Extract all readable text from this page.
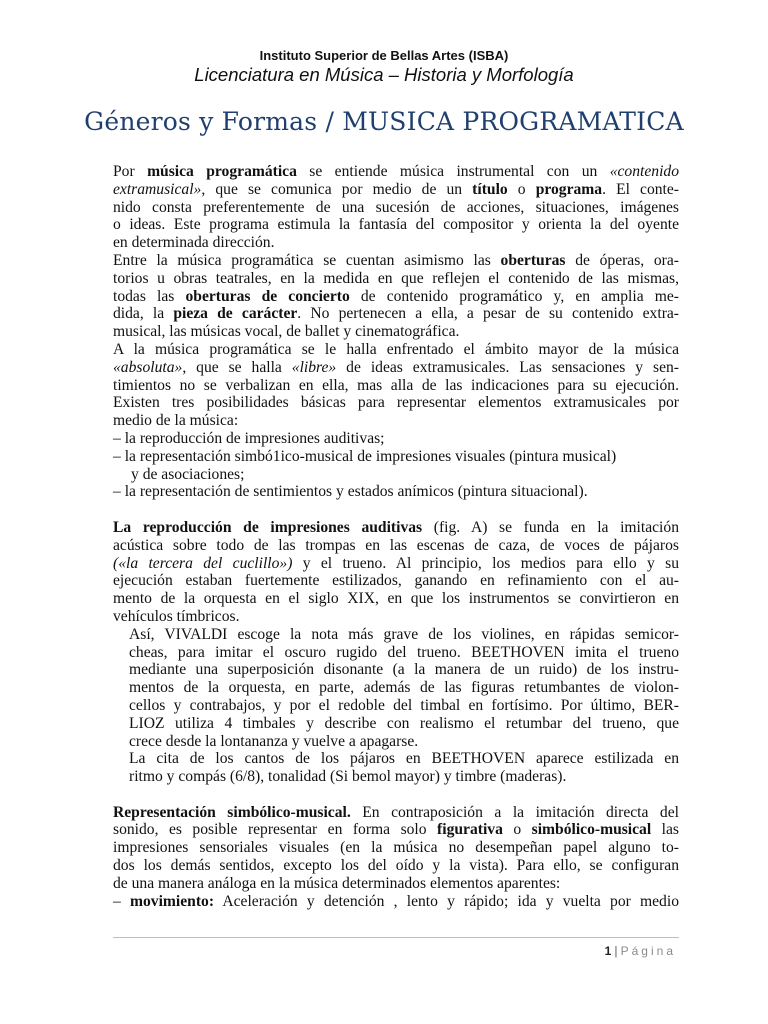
Instituto Superior de Bellas Artes (ISBA)
Licenciatura en Música – Historia y Morfología
Géneros y Formas / MUSICA PROGRAMATICA
Por música programática se entiende música instrumental con un «contenido
extramusical», que se comunica por medio de un título o programa. El conte-
nido consta preferentemente de una sucesión de acciones, situaciones, imágenes
o ideas. Este programa estimula la fantasía del compositor y orienta la del oyente
en determinada dirección.
Entre la música programática se cuentan asimismo las oberturas de óperas, ora-
torios u obras teatrales, en la medida en que reflejen el contenido de las mismas,
todas las oberturas de concierto de contenido programático y, en amplia me-
dida, la pieza de carácter. No pertenecen a ella, a pesar de su contenido extra-
musical, las músicas vocal, de ballet y cinematográfica.
A la música programática se le halla enfrentado el ámbito mayor de la música
«absoluta», que se halla «libre» de ideas extramusicales. Las sensaciones y sen-
timientos no se verbalizan en ella, mas alla de las indicaciones para su ejecución.
Existen tres posibilidades básicas para representar elementos extramusicales por
medio de la música:
– la reproducción de impresiones auditivas;
– la representación simbó1ico-musical de impresiones visuales (pintura musical)
y de asociaciones;
– la representación de sentimientos y estados anímicos (pintura situacional).
La reproducción de impresiones auditivas (fig. A) se funda en la imitación
acústica sobre todo de las trompas en las escenas de caza, de voces de pájaros
(«la tercera del cuclillo») y el trueno. Al principio, los medios para ello y su
ejecución estaban fuertemente estilizados, ganando en refinamiento con el au-
mento de la orquesta en el siglo XIX, en que los instrumentos se convirtieron en
vehículos tímbricos.
Así, VIVALDI escoge la nota más grave de los violines, en rápidas semicor-
cheas, para imitar el oscuro rugido del trueno. BEETHOVEN imita el trueno
mediante una superposición disonante (a la manera de un ruido) de los instru-
mentos de la orquesta, en parte, además de las figuras retumbantes de violon-
cellos y contrabajos, y por el redoble del timbal en fortísimo. Por último, BER-
LIOZ utiliza 4 timbales y describe con realismo el retumbar del trueno, que
crece desde la lontananza y vuelve a apagarse.
La cita de los cantos de los pájaros en BEETHOVEN aparece estilizada en
ritmo y compás (6/8), tonalidad (Si bemol mayor) y timbre (maderas).
Representación simbólico-musical. En contraposición a la imitación directa del
sonido, es posible representar en forma solo figurativa o simbólico-musical las
impresiones sensoriales visuales (en la música no desempeñan papel alguno to-
dos los demás sentidos, excepto los del oído y la vista). Para ello, se configuran
de una manera análoga en la música determinados elementos aparentes:
– movimiento: Aceleración y detención , lento y rápido; ida y vuelta por medio
1 | Página
